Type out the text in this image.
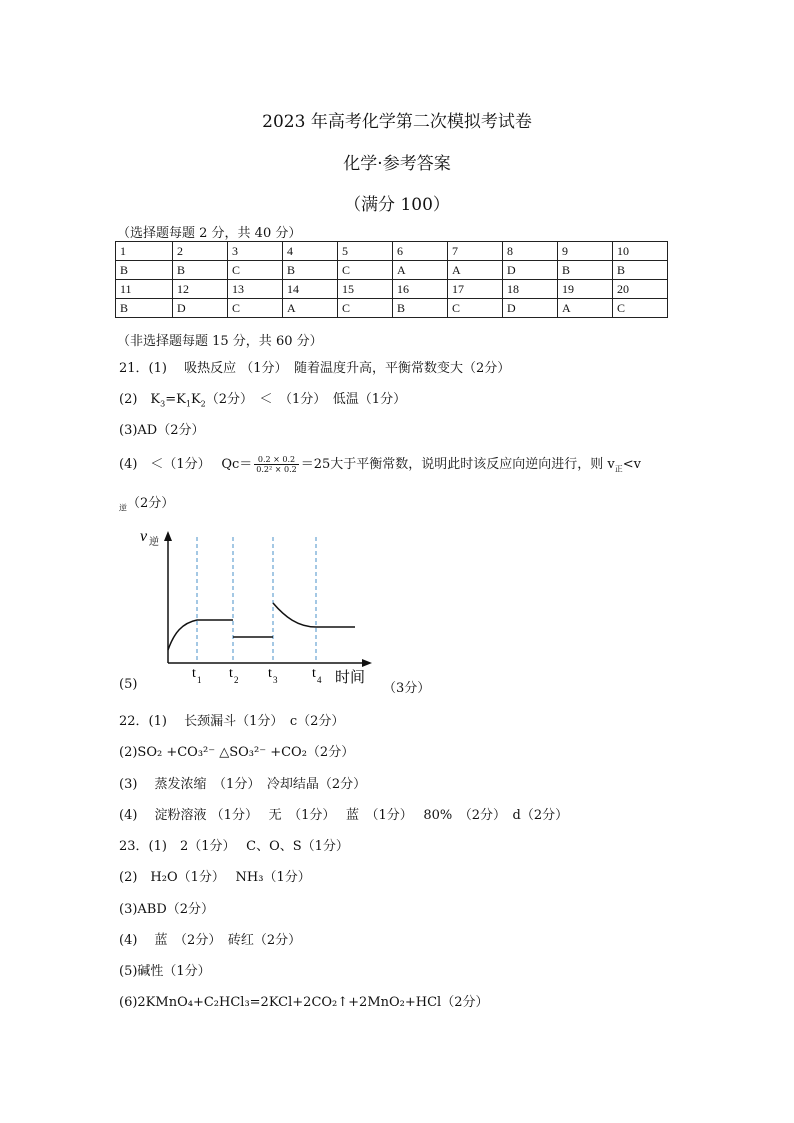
2023 年高考化学第二次模拟考试卷
化学·参考答案
（满分 100）
（选择题每题 2 分，共 40 分）
1	2	3	4	5	6	7	8	9	10
B	B	C	B	C	A	A	D	B	B
11	12	13	14	15	16	17	18	19	20
B	D	C	A	C	B	C	D	A	C
（非选择题每题 15 分，共 60 分）
21．(1)　 吸热反应 （1分）　随着温度升高，平衡常数变大（2分）
(2)　$K_3=K_1K_2(2$分）　＜　（1分）　低温（1分）
(3)AD（2分）
(4)　＜（1分）　 $Qc= \frac{0.2 \times 0.2}{\text{0.2² × 0.2}} =25$大于平衡常数，说明此时该反应向逆向进行，则 $v_正<v$
$_逆$（2分）
v 逆
t 1 t 2 t 3 t 4 时间
(5)	（3分）
22．(1)　 长颈漏斗（1分）　c（2分）
(2)SO₂ +CO₃²⁻ △SO₃²⁻ +CO₂（2分）
(3)　 蒸发浓缩　（1分）　冷却结晶（2分）
(4)　 淀粉溶液 （1分）　 无　（1分）　 蓝　（1分）　 80%　（2分）　d（2分）
23．(1)　2（1分）　 C、O、S（1分）
(2)　H₂O（1分）　 NH₃（1分）
(3)ABD（2分）
(4)　 蓝　（2分）　砖红（2分）
(5)碱性（1分）
(6)2KMnO₄+C₂HCl₃=2KCl+2CO₂↑+2MnO₂+HCl（2分）
